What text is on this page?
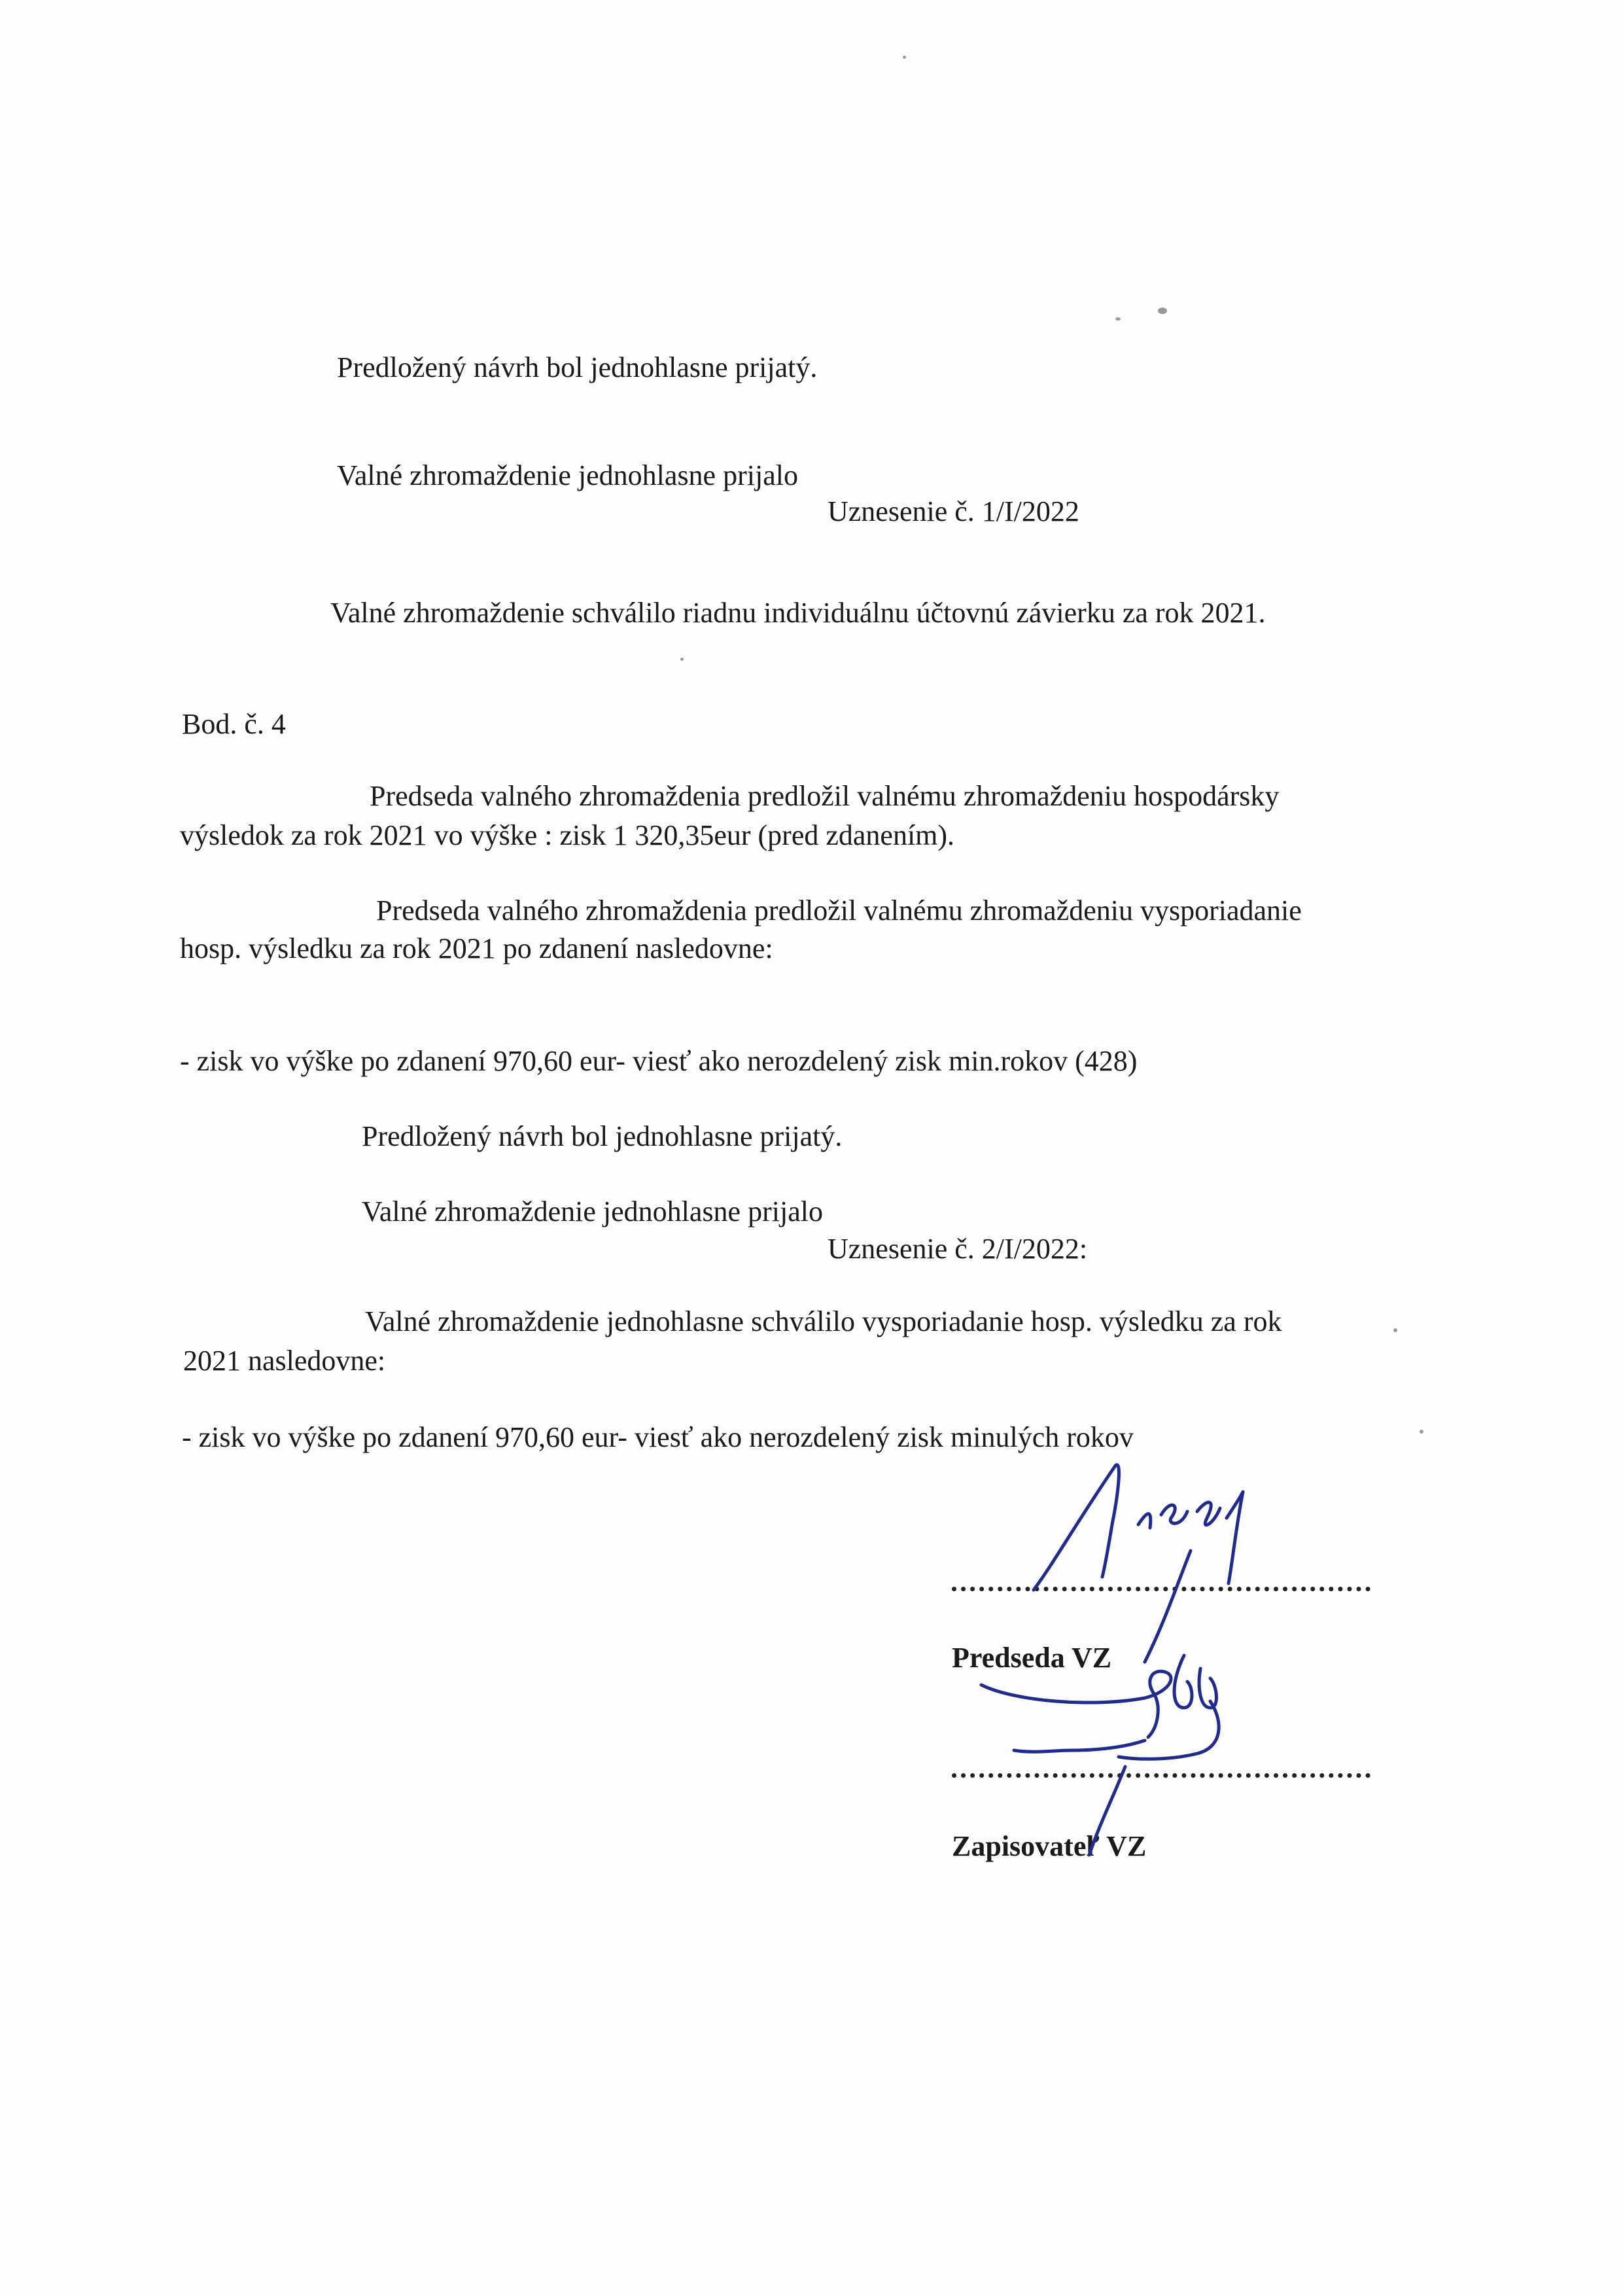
Predložený návrh bol jednohlasne prijatý.
Valné zhromaždenie jednohlasne prijalo
Uznesenie č. 1/I/2022
Valné zhromaždenie schválilo riadnu individuálnu účtovnú závierku za rok 2021.
Bod. č. 4
Predseda valného zhromaždenia predložil valnému zhromaždeniu hospodársky
výsledok za rok 2021 vo výške : zisk 1 320,35eur (pred zdanením).
Predseda valného zhromaždenia predložil valnému zhromaždeniu vysporiadanie
hosp. výsledku za rok 2021 po zdanení nasledovne:
- zisk vo výške po zdanení 970,60 eur- viesť ako nerozdelený zisk min.rokov (428)
Predložený návrh bol jednohlasne prijatý.
Valné zhromaždenie jednohlasne prijalo
Uznesenie č. 2/I/2022:
Valné zhromaždenie jednohlasne schválilo vysporiadanie hosp. výsledku za rok
2021 nasledovne:
- zisk vo výške po zdanení 970,60 eur- viesť ako nerozdelený zisk minulých rokov
Predseda VZ
Zapisovateľ VZ
